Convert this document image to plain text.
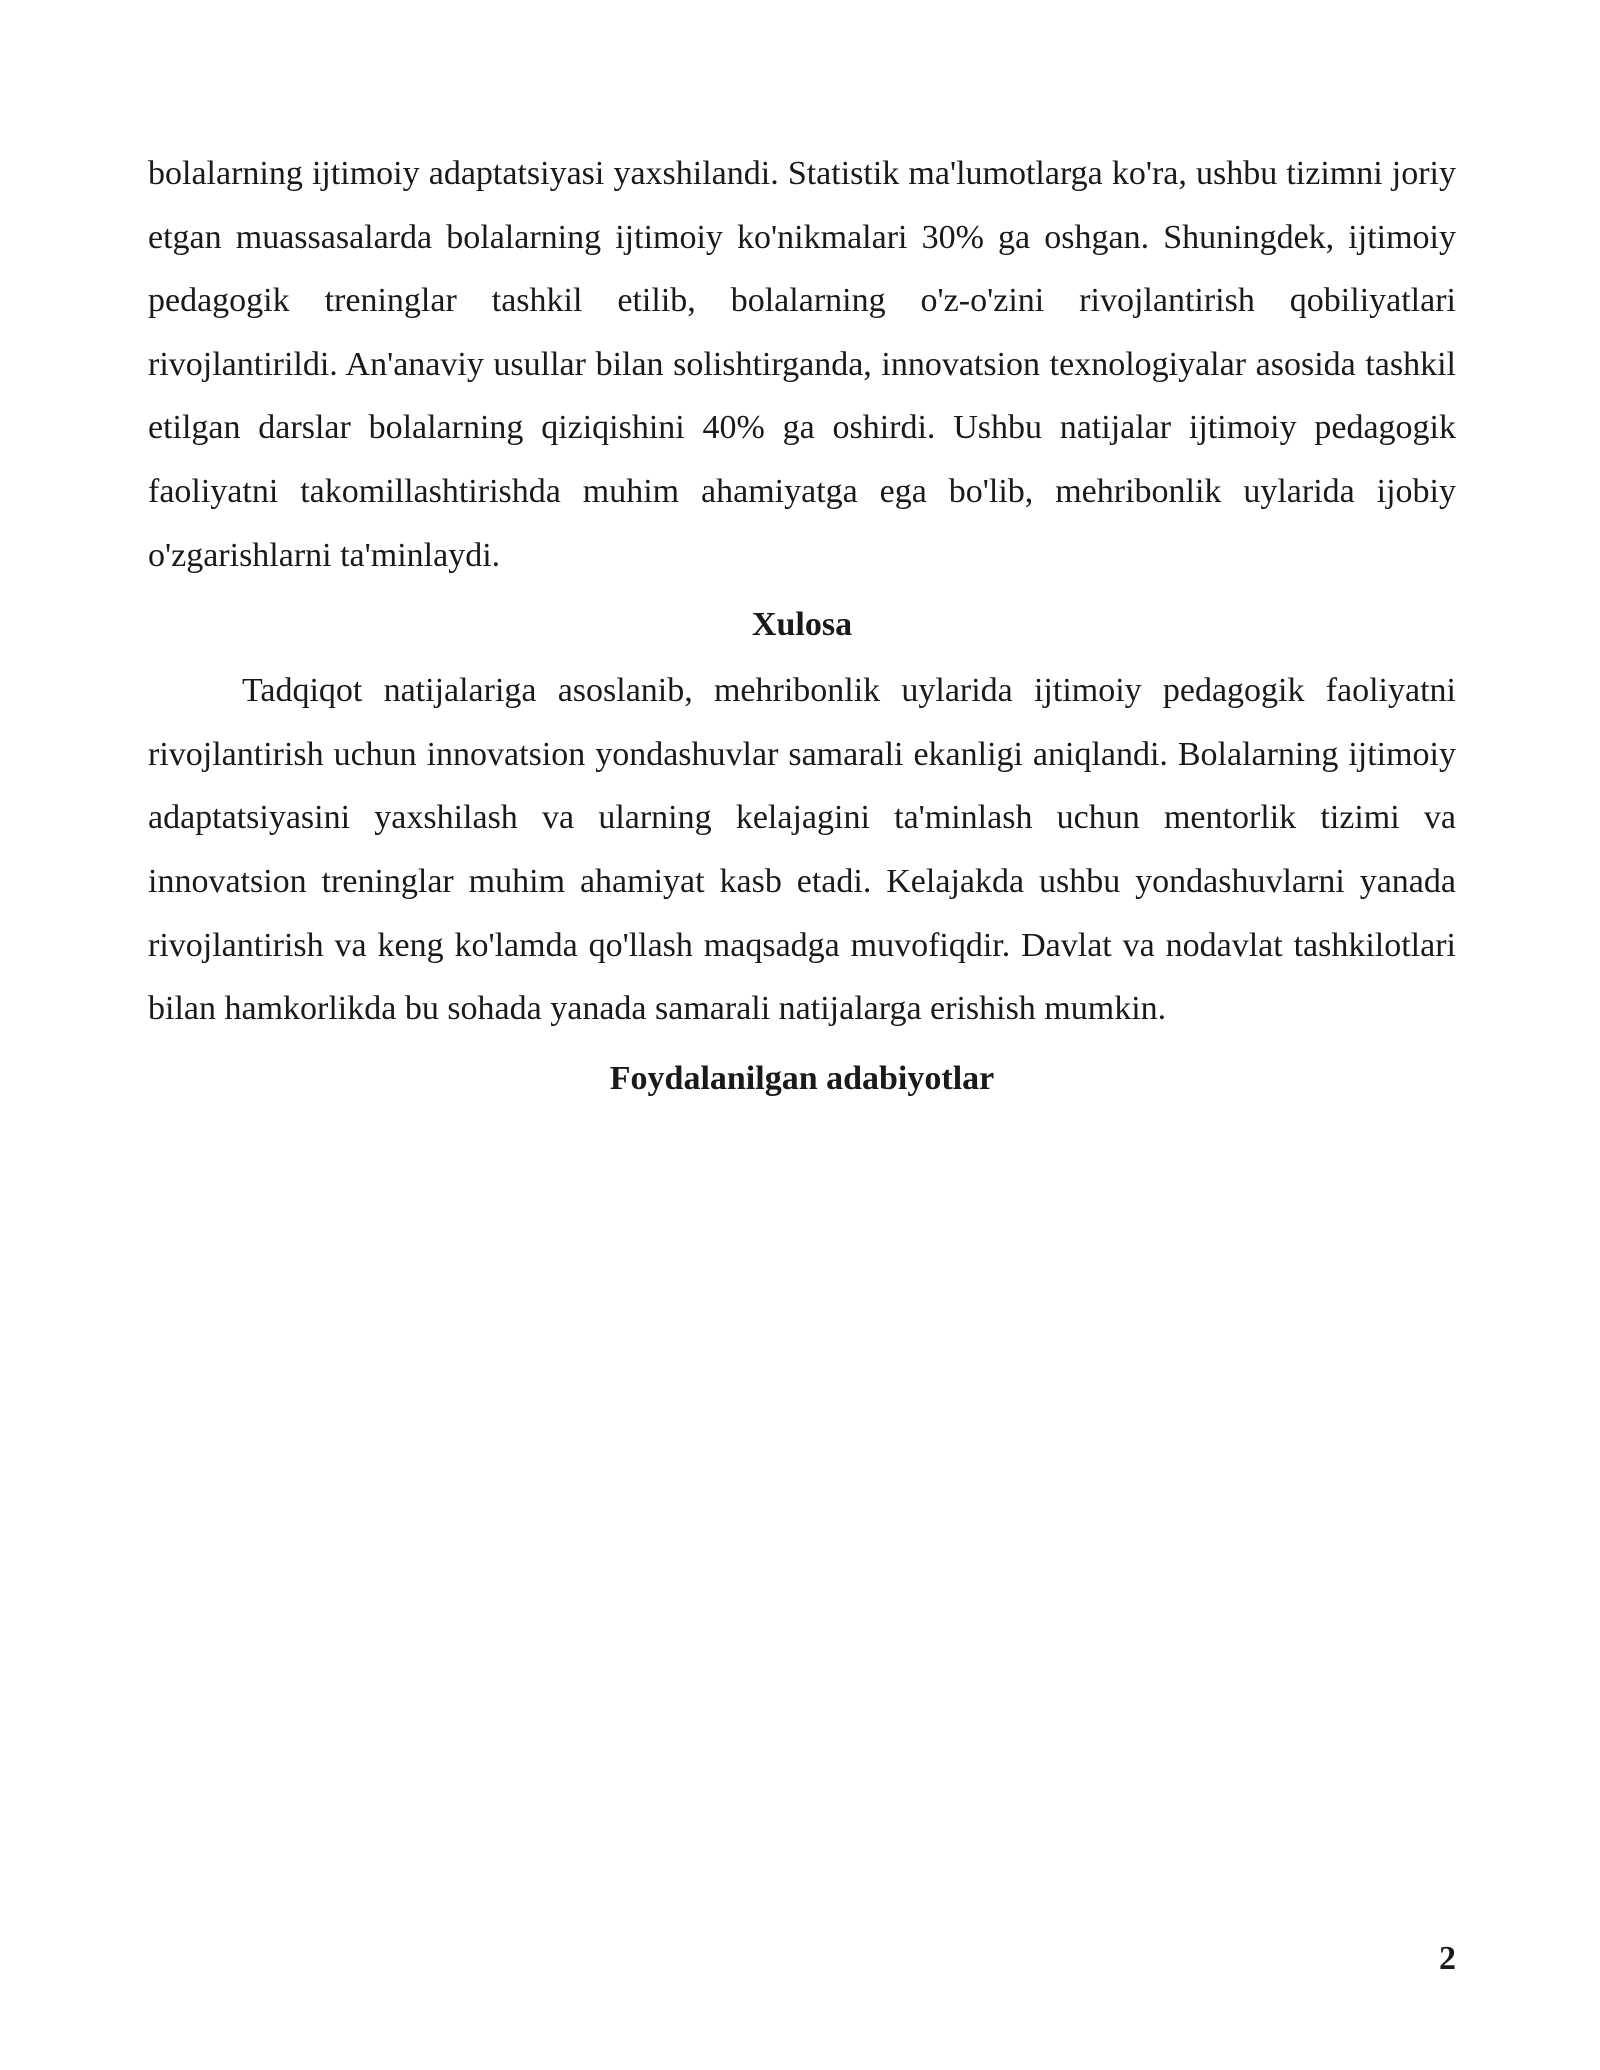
bolalarning ijtimoiy adaptatsiyasi yaxshilandi. Statistik ma'lumotlarga ko'ra, ushbu tizimni joriy etgan muassasalarda bolalarning ijtimoiy ko'nikmalari 30% ga oshgan. Shuningdek, ijtimoiy pedagogik treninglar tashkil etilib, bolalarning o'z-o'zini rivojlantirish qobiliyatlari rivojlantirildi. An'anaviy usullar bilan solishtirganda, innovatsion texnologiyalar asosida tashkil etilgan darslar bolalarning qiziqishini 40% ga oshirdi. Ushbu natijalar ijtimoiy pedagogik faoliyatni takomillashtirishda muhim ahamiyatga ega bo'lib, mehribonlik uylarida ijobiy o'zgarishlarni ta'minlaydi.

Xulosa

Tadqiqot natijalariga asoslanib, mehribonlik uylarida ijtimoiy pedagogik faoliyatni rivojlantirish uchun innovatsion yondashuvlar samarali ekanligi aniqlandi. Bolalarning ijtimoiy adaptatsiyasini yaxshilash va ularning kelajagini ta'minlash uchun mentorlik tizimi va innovatsion treninglar muhim ahamiyat kasb etadi. Kelajakda ushbu yondashuvlarni yanada rivojlantirish va keng ko'lamda qo'llash maqsadga muvofiqdir. Davlat va nodavlat tashkilotlari bilan hamkorlikda bu sohada yanada samarali natijalarga erishish mumkin.

Foydalanilgan adabiyotlar

2
